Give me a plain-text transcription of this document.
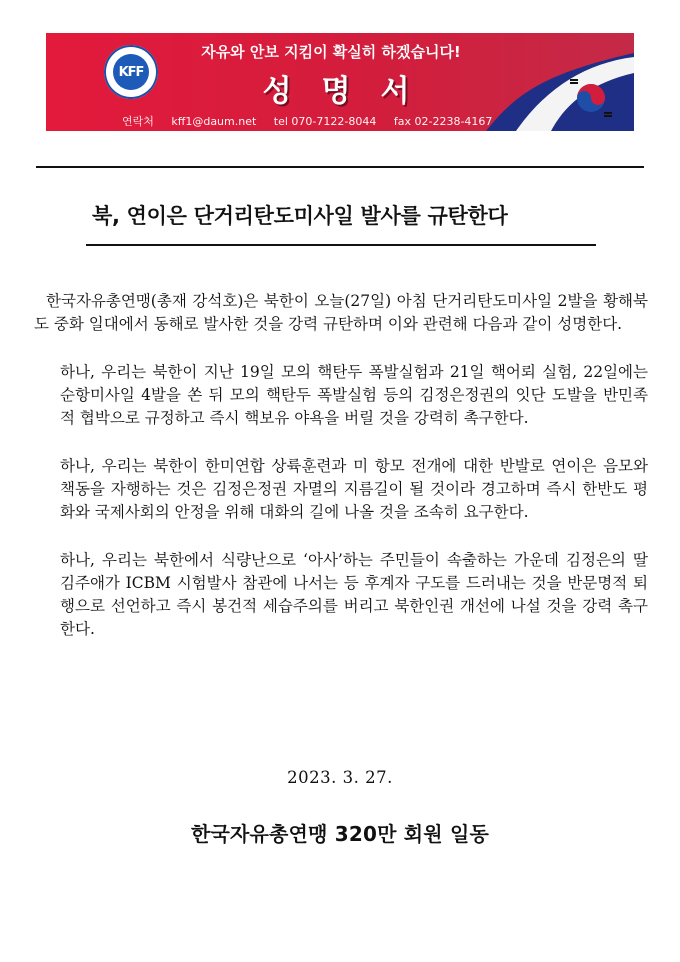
KFF
자유와 안보 지킴이 확실히 하겠습니다!
성명서
연락처 kff1@daum.net tel 070-7122-8044 fax 02-2238-4167
북, 연이은 단거리탄도미사일 발사를 규탄한다

한국자유총연맹(총재 강석호)은 북한이 오늘(27일) 아침 단거리탄도미사일 2발을 황해북도 중화 일대에서 동해로 발사한 것을 강력 규탄하며 이와 관련해 다음과 같이 성명한다.

하나, 우리는 북한이 지난 19일 모의 핵탄두 폭발실험과 21일 핵어뢰 실험, 22일에는 순항미사일 4발을 쏜 뒤 모의 핵탄두 폭발실험 등의 김정은정권의 잇단 도발을 반민족적 협박으로 규정하고 즉시 핵보유 야욕을 버릴 것을 강력히 촉구한다.

하나, 우리는 북한이 한미연합 상륙훈련과 미 항모 전개에 대한 반발로 연이은 음모와 책동을 자행하는 것은 김정은정권 자멸의 지름길이 될 것이라 경고하며 즉시 한반도 평화와 국제사회의 안정을 위해 대화의 길에 나올 것을 조속히 요구한다.

하나, 우리는 북한에서 식량난으로 ‘아사’하는 주민들이 속출하는 가운데 김정은의 딸 김주애가 ICBM 시험발사 참관에 나서는 등 후계자 구도를 드러내는 것을 반문명적 퇴행으로 선언하고 즉시 봉건적 세습주의를 버리고 북한인권 개선에 나설 것을 강력 촉구한다.

2023. 3. 27.
한국자유총연맹 320만 회원 일동
